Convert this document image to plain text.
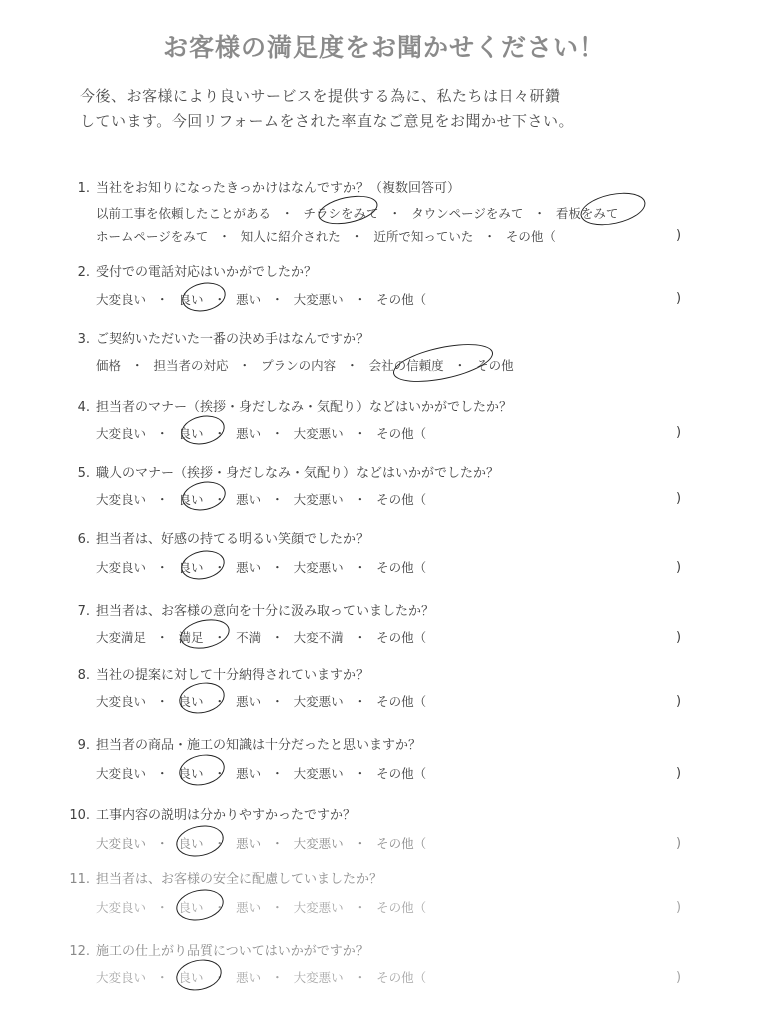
お客様の満足度をお聞かせください！
今後、お客様により良いサービスを提供する為に、私たちは日々研鑽
しています。今回リフォームをされた率直なご意見をお聞かせ下さい。
1. 当社をお知りになったきっかけはなんですか？（複数回答可）
以前工事を依頼したことがある ・ チラシをみて ・ タウンページをみて ・ 看板をみて
ホームページをみて ・ 知人に紹介された ・ 近所で知っていた ・ その他（	)
2. 受付での電話対応はいかがでしたか？
大変良い ・ 良い ・ 悪い ・ 大変悪い ・ その他（	)
3. ご契約いただいた一番の決め手はなんですか？
価格 ・ 担当者の対応 ・ プランの内容 ・ 会社の信頼度 ・ その他
4. 担当者のマナー（挨拶・身だしなみ・気配り）などはいかがでしたか？
大変良い ・ 良い ・ 悪い ・ 大変悪い ・ その他（	)
5. 職人のマナー（挨拶・身だしなみ・気配り）などはいかがでしたか？
大変良い ・ 良い ・ 悪い ・ 大変悪い ・ その他（	)
6. 担当者は、好感の持てる明るい笑顔でしたか？
大変良い ・ 良い ・ 悪い ・ 大変悪い ・ その他（	)
7. 担当者は、お客様の意向を十分に汲み取っていましたか？
大変満足 ・ 満足 ・ 不満 ・ 大変不満 ・ その他（	)
8. 当社の提案に対して十分納得されていますか？
大変良い ・ 良い ・ 悪い ・ 大変悪い ・ その他（	)
9. 担当者の商品・施工の知識は十分だったと思いますか？
大変良い ・ 良い ・ 悪い ・ 大変悪い ・ その他（	)
10. 工事内容の説明は分かりやすかったですか？
大変良い ・ 良い ・ 悪い ・ 大変悪い ・ その他（	)
11. 担当者は、お客様の安全に配慮していましたか？
大変良い ・ 良い ・ 悪い ・ 大変悪い ・ その他（	)
12. 施工の仕上がり品質についてはいかがですか？
大変良い ・ 良い ・ 悪い ・ 大変悪い ・ その他（	)
